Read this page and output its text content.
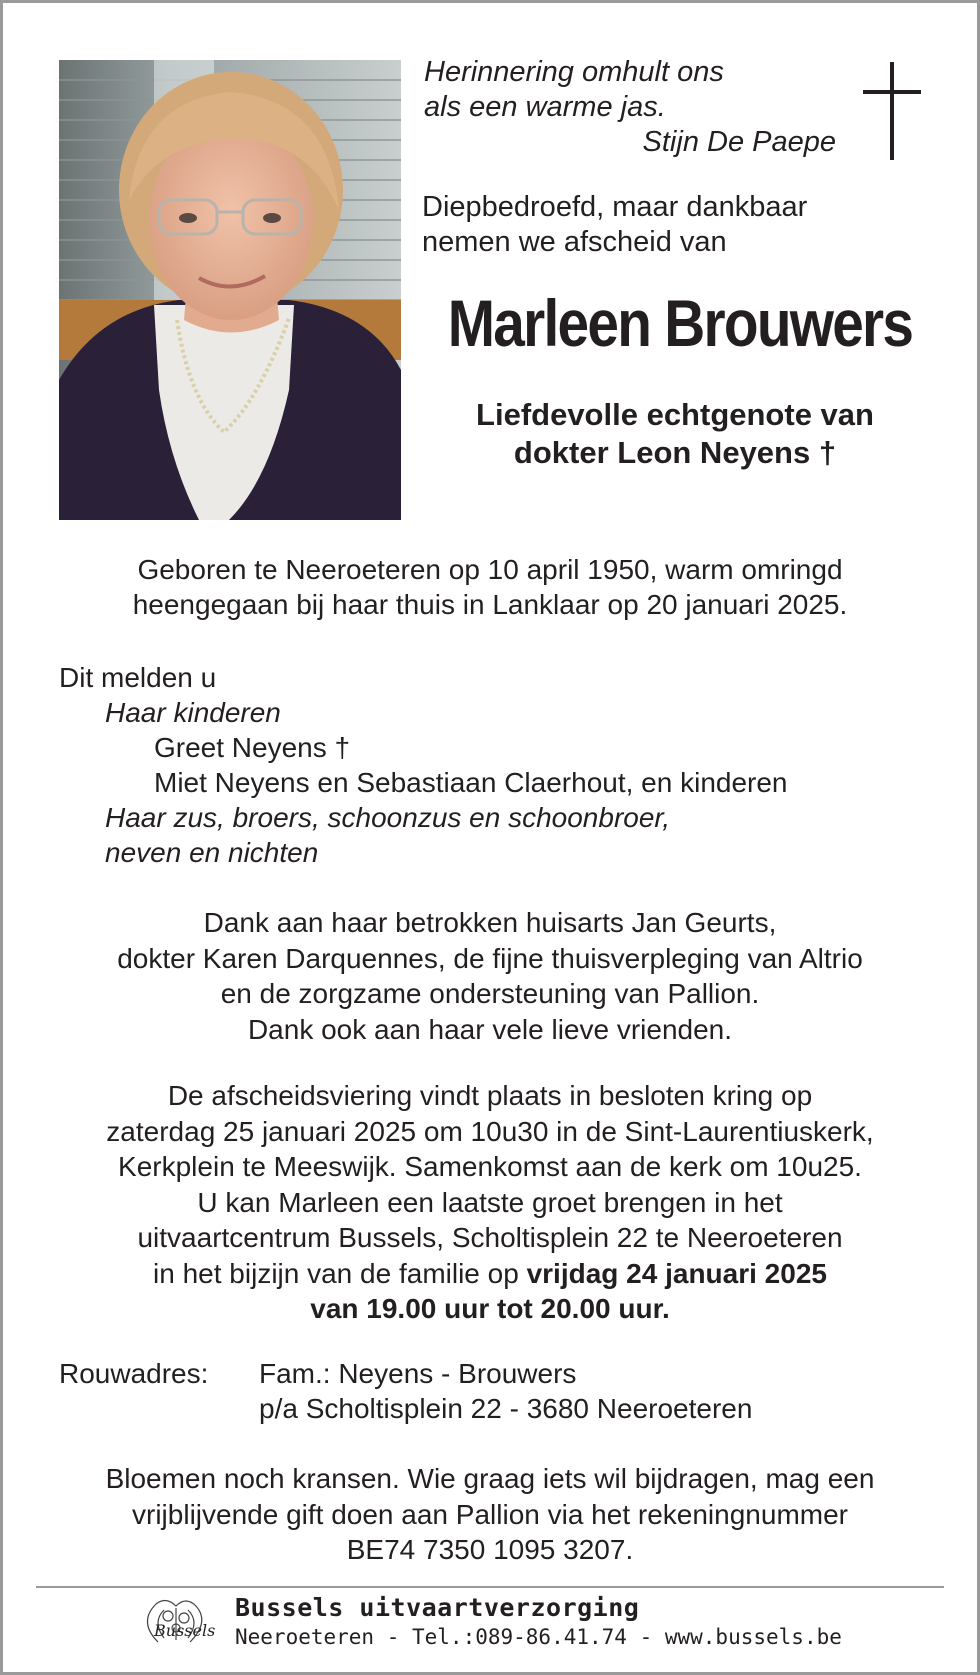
Herinnering omhult ons
als een warme jas.
Stijn De Paepe
Diepbedroefd, maar dankbaar
nemen we afscheid van
Marleen Brouwers
Liefdevolle echtgenote van
dokter Leon Neyens †
Geboren te Neeroeteren op 10 april 1950, warm omringd
heengegaan bij haar thuis in Lanklaar op 20 januari 2025.
Dit melden u
Haar kinderen
Greet Neyens †
Miet Neyens en Sebastiaan Claerhout, en kinderen
Haar zus, broers, schoonzus en schoonbroer,
neven en nichten
Dank aan haar betrokken huisarts Jan Geurts,
dokter Karen Darquennes, de fijne thuisverpleging van Altrio
en de zorgzame ondersteuning van Pallion.
Dank ook aan haar vele lieve vrienden.
De afscheidsviering vindt plaats in besloten kring op
zaterdag 25 januari 2025 om 10u30 in de Sint-Laurentiuskerk,
Kerkplein te Meeswijk. Samenkomst aan de kerk om 10u25.
U kan Marleen een laatste groet brengen in het
uitvaartcentrum Bussels, Scholtisplein 22 te Neeroeteren
in het bijzijn van de familie op vrijdag 24 januari 2025
van 19.00 uur tot 20.00 uur.
Rouwadres:	Fam.: Neyens - Brouwers
p/a Scholtisplein 22 - 3680 Neeroeteren
Bloemen noch kransen. Wie graag iets wil bijdragen, mag een
vrijblijvende gift doen aan Pallion via het rekeningnummer
BE74 7350 1095 3207.
Bussels
Bussels uitvaartverzorging
Neeroeteren - Tel.:089-86.41.74 - www.bussels.be
